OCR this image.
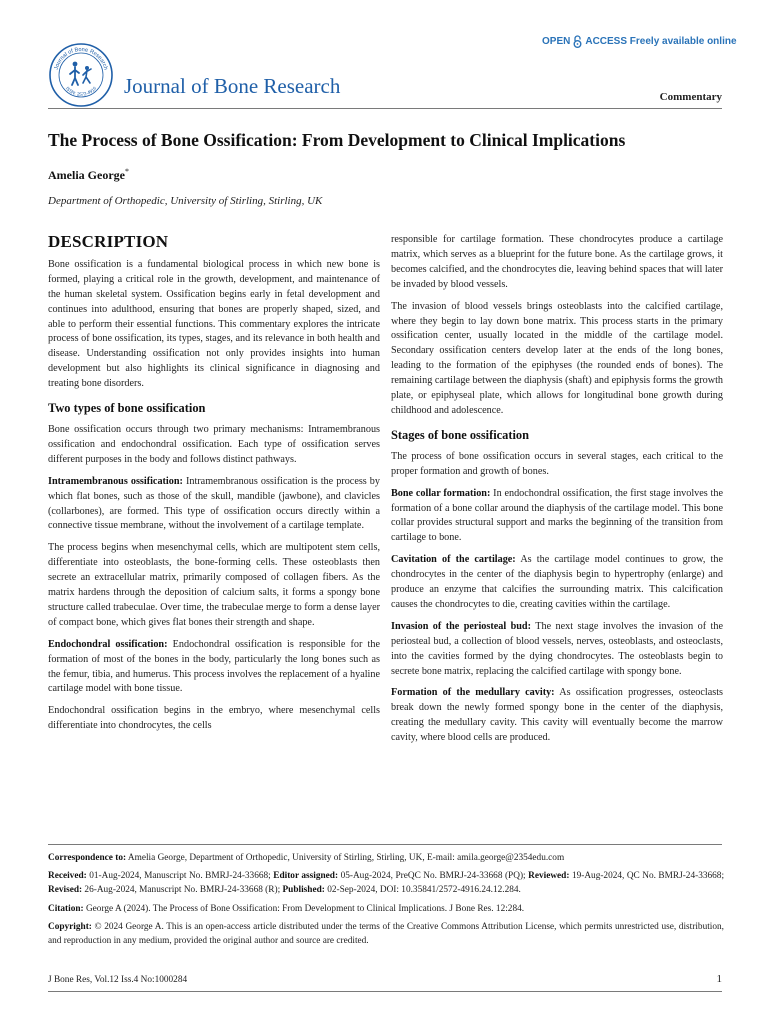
Journal of Bone Research
ISSN: 2572-4916 Journal of Bone Research
OPEN ACCESS Freely available online
Commentary
The Process of Bone Ossification: From Development to Clinical Implications
Amelia George*
Department of Orthopedic, University of Stirling, Stirling, UK
DESCRIPTION

Bone ossification is a fundamental biological process in which new bone is formed, playing a critical role in the growth, development, and maintenance of the human skeletal system. Ossification begins early in fetal development and continues into adulthood, ensuring that bones are properly shaped, sized, and able to perform their essential functions. This commentary explores the intricate process of bone ossification, its types, stages, and its relevance in both health and disease. Understanding ossification not only provides insights into human development but also highlights its clinical significance in diagnosing and treating bone disorders.

Two types of bone ossification

Bone ossification occurs through two primary mechanisms: Intramembranous ossification and endochondral ossification. Each type of ossification serves different purposes in the body and follows distinct pathways.

Intramembranous ossification: Intramembranous ossification is the process by which flat bones, such as those of the skull, mandible (jawbone), and clavicles (collarbones), are formed. This type of ossification occurs directly within a connective tissue membrane, without the involvement of a cartilage template.

The process begins when mesenchymal cells, which are multipotent stem cells, differentiate into osteoblasts, the bone-forming cells. These osteoblasts then secrete an extracellular matrix, primarily composed of collagen fibers. As the matrix hardens through the deposition of calcium salts, it forms a spongy bone structure called trabeculae. Over time, the trabeculae merge to form a dense layer of compact bone, which gives flat bones their strength and shape.

Endochondral ossification: Endochondral ossification is responsible for the formation of most of the bones in the body, particularly the long bones such as the femur, tibia, and humerus. This process involves the replacement of a hyaline cartilage model with bone tissue.

Endochondral ossification begins in the embryo, where mesenchymal cells differentiate into chondrocytes, the cells

responsible for cartilage formation. These chondrocytes produce a cartilage matrix, which serves as a blueprint for the future bone. As the cartilage grows, it becomes calcified, and the chondrocytes die, leaving behind spaces that will later be invaded by blood vessels.

The invasion of blood vessels brings osteoblasts into the calcified cartilage, where they begin to lay down bone matrix. This process starts in the primary ossification center, usually located in the middle of the cartilage model. Secondary ossification centers develop later at the ends of the long bones, leading to the formation of the epiphyses (the rounded ends of bones). The remaining cartilage between the diaphysis (shaft) and epiphysis forms the growth plate, or epiphyseal plate, which allows for longitudinal bone growth during childhood and adolescence.

Stages of bone ossification

The process of bone ossification occurs in several stages, each critical to the proper formation and growth of bones.

Bone collar formation: In endochondral ossification, the first stage involves the formation of a bone collar around the diaphysis of the cartilage model. This bone collar provides structural support and marks the beginning of the transition from cartilage to bone.

Cavitation of the cartilage: As the cartilage model continues to grow, the chondrocytes in the center of the diaphysis begin to hypertrophy (enlarge) and produce an enzyme that calcifies the surrounding matrix. This calcification causes the chondrocytes to die, creating cavities within the cartilage.

Invasion of the periosteal bud: The next stage involves the invasion of the periosteal bud, a collection of blood vessels, nerves, osteoblasts, and osteoclasts, into the cavities formed by the dying chondrocytes. The osteoblasts begin to secrete bone matrix, replacing the calcified cartilage with spongy bone.

Formation of the medullary cavity: As ossification progresses, osteoclasts break down the newly formed spongy bone in the center of the diaphysis, creating the medullary cavity. This cavity will eventually become the marrow cavity, where blood cells are produced.

Correspondence to: Amelia George, Department of Orthopedic, University of Stirling, Stirling, UK, E-mail: amila.george@2354edu.com

Received: 01-Aug-2024, Manuscript No. BMRJ-24-33668; Editor assigned: 05-Aug-2024, PreQC No. BMRJ-24-33668 (PQ); Reviewed: 19-Aug-2024, QC No. BMRJ-24-33668; Revised: 26-Aug-2024, Manuscript No. BMRJ-24-33668 (R); Published: 02-Sep-2024, DOI: 10.35841/2572-4916.24.12.284.

Citation: George A (2024). The Process of Bone Ossification: From Development to Clinical Implications. J Bone Res. 12:284.

Copyright: © 2024 George A. This is an open-access article distributed under the terms of the Creative Commons Attribution License, which permits unrestricted use, distribution, and reproduction in any medium, provided the original author and source are credited.

J Bone Res, Vol.12 Iss.4 No:1000284	1
